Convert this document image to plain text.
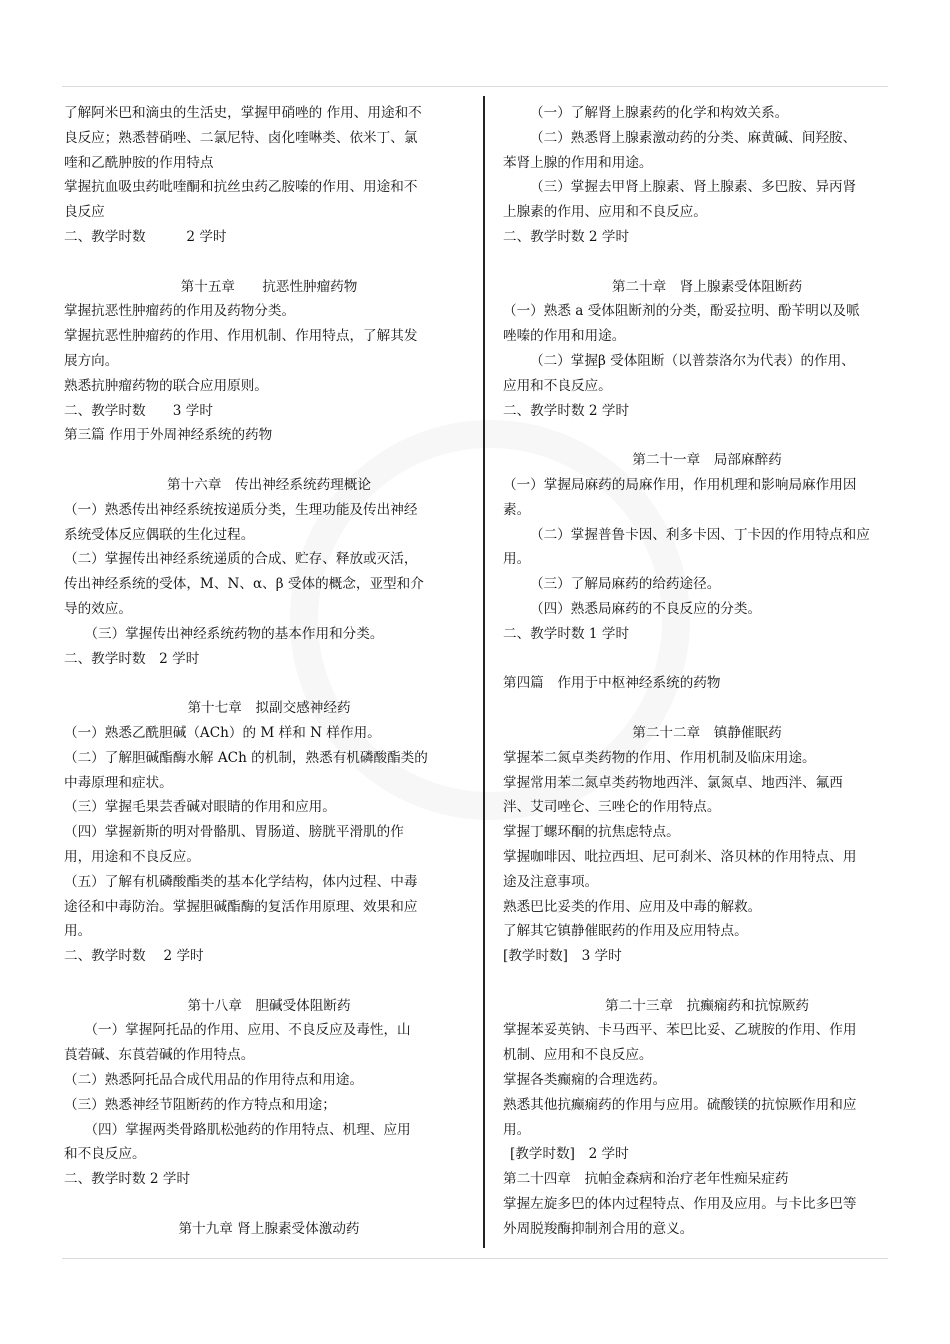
了解阿米巴和滴虫的生活史，掌握甲硝唑的 作用、用途和不
良反应；熟悉替硝唑、二氯尼特、卤化喹啉类、依米丁、氯
喹和乙酰肿胺的作用特点
掌握抗血吸虫药吡喹酮和抗丝虫药乙胺嗪的作用、用途和不
良反应
二、教学时数　　　2 学时
第十五章　　抗恶性肿瘤药物
掌握抗恶性肿瘤药的作用及药物分类。
掌握抗恶性肿瘤药的作用、作用机制、作用特点，了解其发
展方向。
熟悉抗肿瘤药物的联合应用原则。
二、教学时数　　3 学时
第三篇 作用于外周神经系统的药物
第十六章　传出神经系统药理概论
（一）熟悉传出神经系统按递质分类，生理功能及传出神经
系统受体反应偶联的生化过程。
（二）掌握传出神经系统递质的合成、贮存、释放或灭活，
传出神经系统的受体，M、N、α、β 受体的概念，亚型和介
导的效应。
　　（三）掌握传出神经系统药物的基本作用和分类。
二、教学时数　2 学时
第十七章　拟副交感神经药
（一）熟悉乙酰胆碱（ACh）的 M 样和 N 样作用。
（二）了解胆碱酯酶水解 ACh 的机制，熟悉有机磷酸酯类的
中毒原理和症状。
（三）掌握毛果芸香碱对眼睛的作用和应用。
（四）掌握新斯的明对骨骼肌、胃肠道、膀胱平滑肌的作
用，用途和不良反应。
（五）了解有机磷酸酯类的基本化学结构，体内过程、中毒
途径和中毒防治。掌握胆碱酯酶的复活作用原理、效果和应
用。
二、教学时数　 2 学时
第十八章　胆碱受体阻断药
　　（一）掌握阿托品的作用、应用、不良反应及毒性，山
莨菪碱、东莨菪碱的作用特点。
（二）熟悉阿托品合成代用品的作用待点和用途。
（三）熟悉神经节阻断药的作方特点和用途；
　　（四）掌握两类骨路肌松弛药的作用特点、机理、应用
和不良反应。
二、教学时数 2 学时
第十九章 肾上腺素受体激动药
（一）了解肾上腺素药的化学和构效关系。
（二）熟悉肾上腺素激动药的分类、麻黄碱、间羟胺、
苯肾上腺的作用和用途。
（三）掌握去甲肾上腺素、肾上腺素、多巴胺、异丙肾
上腺素的作用、应用和不良反应。
二、教学时数 2 学时
第二十章　肾上腺素受体阻断药
（一）熟悉 a 受体阻断剂的分类，酚妥拉明、酚苄明以及哌
唑嗪的作用和用途。
（二）掌握β 受体阻断（以普萘洛尔为代表）的作用、
应用和不良反应。
二、教学时数 2 学时
第二十一章　局部麻醉药
（一）掌握局麻药的局麻作用，作用机理和影响局麻作用因
素。
（二）掌握普鲁卡因、利多卡因、丁卡因的作用特点和应
用。
（三）了解局麻药的给药途径。
（四）熟悉局麻药的不良反应的分类。
二、教学时数 1 学时
第四篇　作用于中枢神经系统的药物
第二十二章　镇静催眠药
掌握苯二氮卓类药物的作用、作用机制及临床用途。
掌握常用苯二氮卓类药物地西泮、氯氮卓、地西泮、氟西
泮、艾司唑仑、三唑仑的作用特点。
掌握丁螺环酮的抗焦虑特点。
掌握咖啡因、吡拉西坦、尼可刹米、洛贝林的作用特点、用
途及注意事项。
熟悉巴比妥类的作用、应用及中毒的解救。
了解其它镇静催眠药的作用及应用特点。
[教学时数]　3 学时
第二十三章　抗癫痫药和抗惊厥药
掌握苯妥英钠、卡马西平、苯巴比妥、乙琥胺的作用、作用
机制、应用和不良反应。
掌握各类癫痫的合理选药。
熟悉其他抗癫痫药的作用与应用。硫酸镁的抗惊厥作用和应
用。
[教学时数]　2 学时
第二十四章　抗帕金森病和治疗老年性痴呆症药
掌握左旋多巴的体内过程特点、作用及应用。与卡比多巴等
外周脱羧酶抑制剂合用的意义。
